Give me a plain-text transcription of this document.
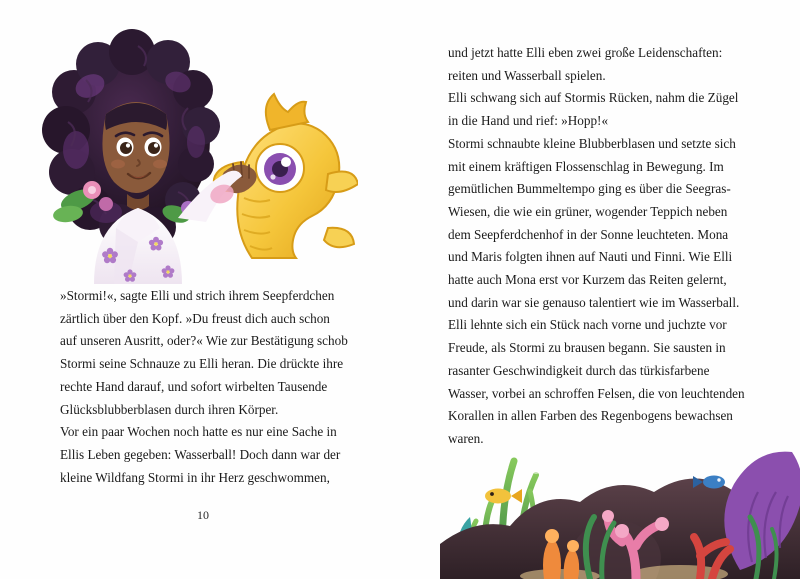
»Stormi!«, sagte Elli und strich ihrem Seepferdchen zärtlich über den Kopf. »Du freust dich auch schon auf unseren Ausritt, oder?« Wie zur Bestätigung schob Stormi seine Schnauze zu Elli heran. Die drückte ihre rechte Hand darauf, und sofort wirbelten Tausende Glücksblubberblasen durch ihren Körper.

Vor ein paar Wochen noch hatte es nur eine Sache in Ellis Leben gegeben: Wasserball! Doch dann war der kleine Wildfang Stormi in ihr Herz geschwommen,

und jetzt hatte Elli eben zwei große Leidenschaften: reiten und Wasserball spielen.

Elli schwang sich auf Stormis Rücken, nahm die Zügel in die Hand und rief: »Hopp!«

Stormi schnaubte kleine Blubberblasen und setzte sich mit einem kräftigen Flossenschlag in Bewegung. Im gemütlichen Bummeltempo ging es über die Seegras-Wiesen, die wie ein grüner, wogender Teppich neben dem Seepferdchenhof in der Sonne leuchteten. Mona und Maris folgten ihnen auf Nauti und Finni. Wie Elli hatte auch Mona erst vor Kurzem das Reiten gelernt, und darin war sie genauso talentiert wie im Wasserball.

Elli lehnte sich ein Stück nach vorne und juchzte vor Freude, als Stormi zu brausen begann. Sie sausten in rasanter Geschwindigkeit durch das türkisfarbene Wasser, vorbei an schroffen Felsen, die von leuchtenden Korallen in allen Farben des Regenbogens bewachsen waren.

10
